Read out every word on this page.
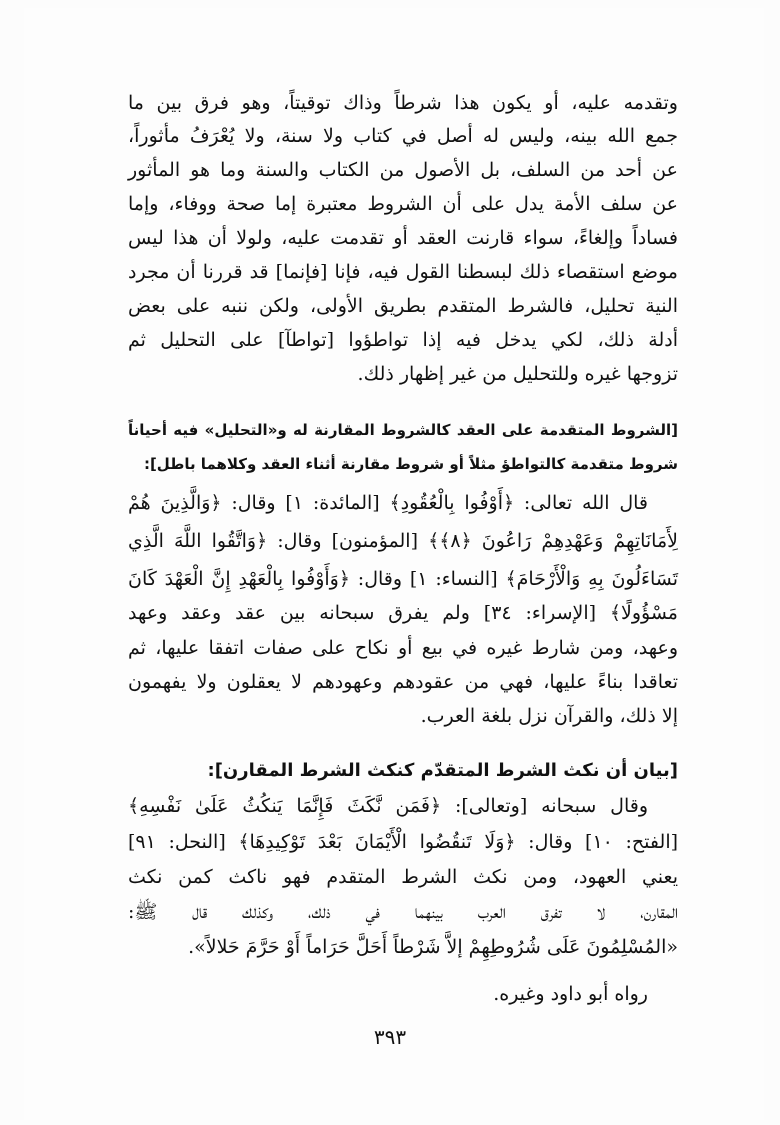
وتقدمه عليه، أو يكون هذا شرطاً وذاك توقيتاً، وهو فرق بين ما
جمع الله بينه، وليس له أصل في كتاب ولا سنة، ولا يُعْرَفُ مأثوراً،
عن أحد من السلف، بل الأصول من الكتاب والسنة وما هو المأثور
عن سلف الأمة يدل على أن الشروط معتبرة إما صحة ووفاء، وإما
فساداً وإلغاءً، سواء قارنت العقد أو تقدمت عليه، ولولا أن هذا ليس
موضع استقصاء ذلك لبسطنا القول فيه، فإنا [فإنما] قد قررنا أن مجرد
النية تحليل، فالشرط المتقدم بطريق الأولى، ولكن ننبه على بعض
أدلة ذلك، لكي يدخل فيه إذا تواطؤوا [تواطآ] على التحليل ثم
تزوجها غيره وللتحليل من غير إظهار ذلك.
[الشروط المتقدمة على العقد كالشروط المقارنة له و«التحليل» فيه أحياناً
شروط متقدمة كالتواطؤ مثلاً أو شروط مقارنة أثناء العقد وكلاهما باطل]:
قال الله تعالى: ﴿أَوْفُوا بِالْعُقُودِ﴾ [المائدة: ١] وقال: ﴿وَالَّذِينَ هُمْ
لِأَمَانَاتِهِمْ وَعَهْدِهِمْ رَاعُونَ ﴿٨﴾﴾ [المؤمنون] وقال: ﴿وَاتَّقُوا اللَّهَ الَّذِي
تَسَاءَلُونَ بِهِ وَالْأَرْحَامَ﴾ [النساء: ١] وقال: ﴿وَأَوْفُوا بِالْعَهْدِ إِنَّ الْعَهْدَ كَانَ
مَسْؤُولًا﴾ [الإسراء: ٣٤] ولم يفرق سبحانه بين عقد وعقد وعهد
وعهد، ومن شارط غيره في بيع أو نكاح على صفات اتفقا عليها، ثم
تعاقدا بناءً عليها، فهي من عقودهم وعهودهم لا يعقلون ولا يفهمون
إلا ذلك، والقرآن نزل بلغة العرب.
[بيان أن نكث الشرط المتقدّم كنكث الشرط المقارن]:
وقال سبحانه [وتعالى]: ﴿فَمَن نَّكَثَ فَإِنَّمَا يَنكُثُ عَلَىٰ نَفْسِهِ﴾
[الفتح: ١٠] وقال: ﴿وَلَا تَنقُضُوا الْأَيْمَانَ بَعْدَ تَوْكِيدِهَا﴾ [النحل: ٩١]
يعني العهود، ومن نكث الشرط المتقدم فهو ناكث كمن نكث
المقارن، لا تفرق العرب بينهما في ذلك، وكذلك قال ﷺ:
«المُسْلِمُونَ عَلَى شُرُوطِهِمْ إلاَّ شَرْطاً أَحَلَّ حَرَاماً أَوْ حَرَّمَ حَلالاً».
رواه أبو داود وغيره.
٣٩٣
